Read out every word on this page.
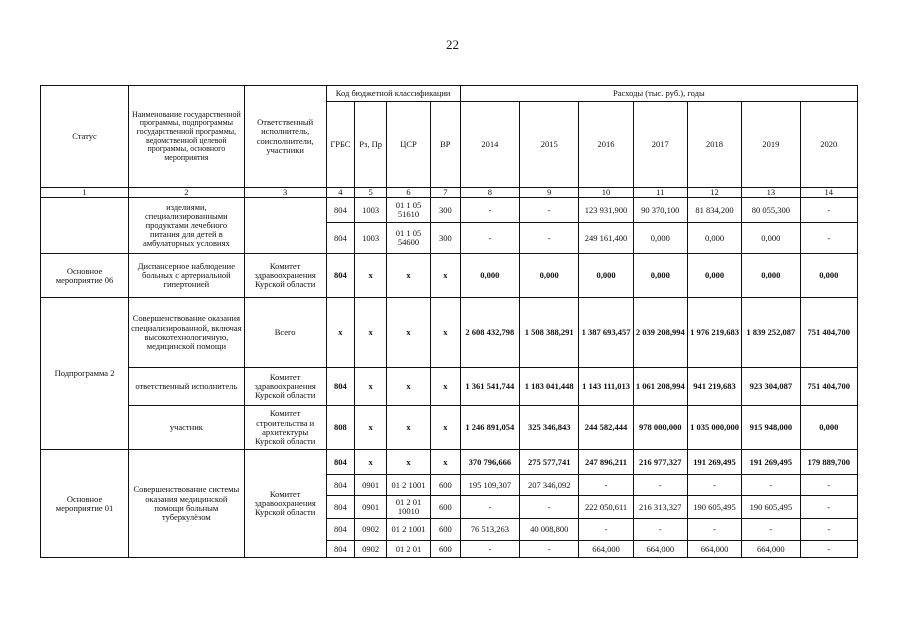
22
Статус	Наименование государственной программы, подпрограммы государственной программы, ведомственной целевой программы, основного мероприятия	Ответственный исполнитель, соисполнители, участники	Код бюджетной классификации				Расходы (тыс. руб.), годы						
			ГРБС	Рз, Пр	ЦСР	ВР	2014	2015	2016	2017	2018	2019	2020
1	2	3	4	5	6	7	8	9	10	11	12	13	14
	изделиями, специализированными продуктами лечебного питания для детей в амбулаторных условиях		804	1003	01 1 05 51610	300	-	-	123 931,900	90 370,100	81 834,200	80 055,300	-
			804	1003	01 1 05 54600	300	-	-	249 161,400	0,000	0,000	0,000	-
Основное мероприятие 06	Диспансерное наблюдение больных с артериальной гипертонией	Комитет здравоохранения Курской области	804	x	x	x	0,000	0,000	0,000	0,000	0,000	0,000	0,000
Подпрограмма 2	Совершенствование оказания специализированной, включая высокотехнологичную, медицинской помощи	Всего	x	x	x	x	2 608 432,798	1 508 388,291	1 387 693,457	2 039 208,994	1 976 219,683	1 839 252,087	751 404,700
	ответственный исполнитель	Комитет здравоохранения Курской области	804	x	x	x	1 361 541,744	1 183 041,448	1 143 111,013	1 061 208,994	941 219,683	923 304,087	751 404,700
	участник	Комитет строительства и архитектуры Курской области	808	x	x	x	1 246 891,054	325 346,843	244 582,444	978 000,000	1 035 000,000	915 948,000	0,000
Основное мероприятие 01	Совершенствование системы оказания медицинской помощи больным туберкулёзом	Комитет здравоохранения Курской области	804	x	x	x	370 796,666	275 577,741	247 896,211	216 977,327	191 269,495	191 269,495	179 889,700
			804	0901	01 2 1001	600	195 109,307	207 346,092	-	-	-	-	-
			804	0901	01 2 01 10010	600	-	-	222 050,611	216 313,327	190 605,495	190 605,495	-
			804	0902	01 2 1001	600	76 513,263	40 008,800	-	-	-	-	-
			804	0902	01 2 01	600	-	-	664,000	664,000	664,000	664,000	-
